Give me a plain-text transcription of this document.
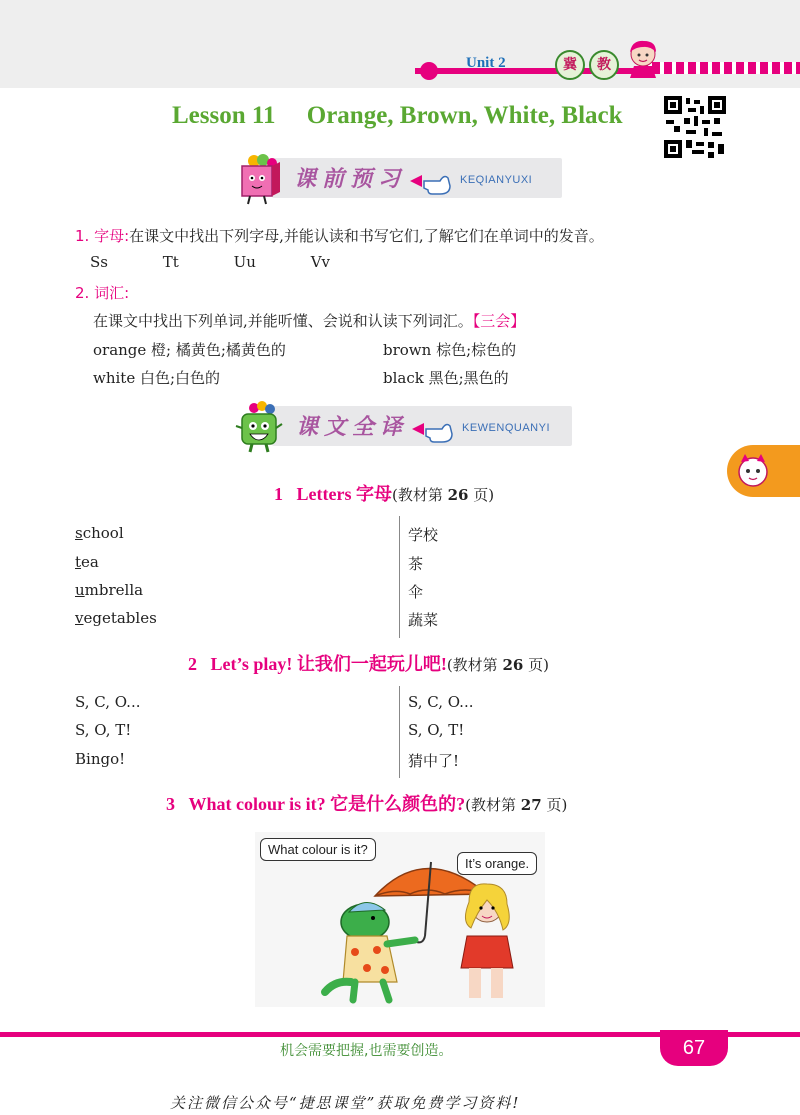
Unit 2	冀	教
Lesson 11     Orange, Brown, White, Black
课前预习	KEQIANYUXI
1. 字母:在课文中找出下列字母,并能认读和书写它们,了解它们在单词中的发音。
Ss	Tt	Uu	Vv
2. 词汇:
在课文中找出下列单词,并能听懂、会说和认读下列词汇。【三会】
orange 橙; 橘黄色;橘黄色的	brown 棕色;棕色的
white 白色;白色的	black 黑色;黑色的
课文全译	KEWENQUANYI
1 Letters 字母(教材第 26 页)
school	学校
tea	茶
umbrella	伞
vegetables	蔬菜
2 Let’s play! 让我们一起玩儿吧!(教材第 26 页)
S, C, O...	S, C, O...
S, O, T!	S, O, T!
Bingo!	猜中了!
3 What colour is it? 它是什么颜色的?(教材第 27 页)
What colour is it?
It’s orange.
机会需要把握,也需要创造。	67
关注微信公众号“捷思课堂”获取免费学习资料!
